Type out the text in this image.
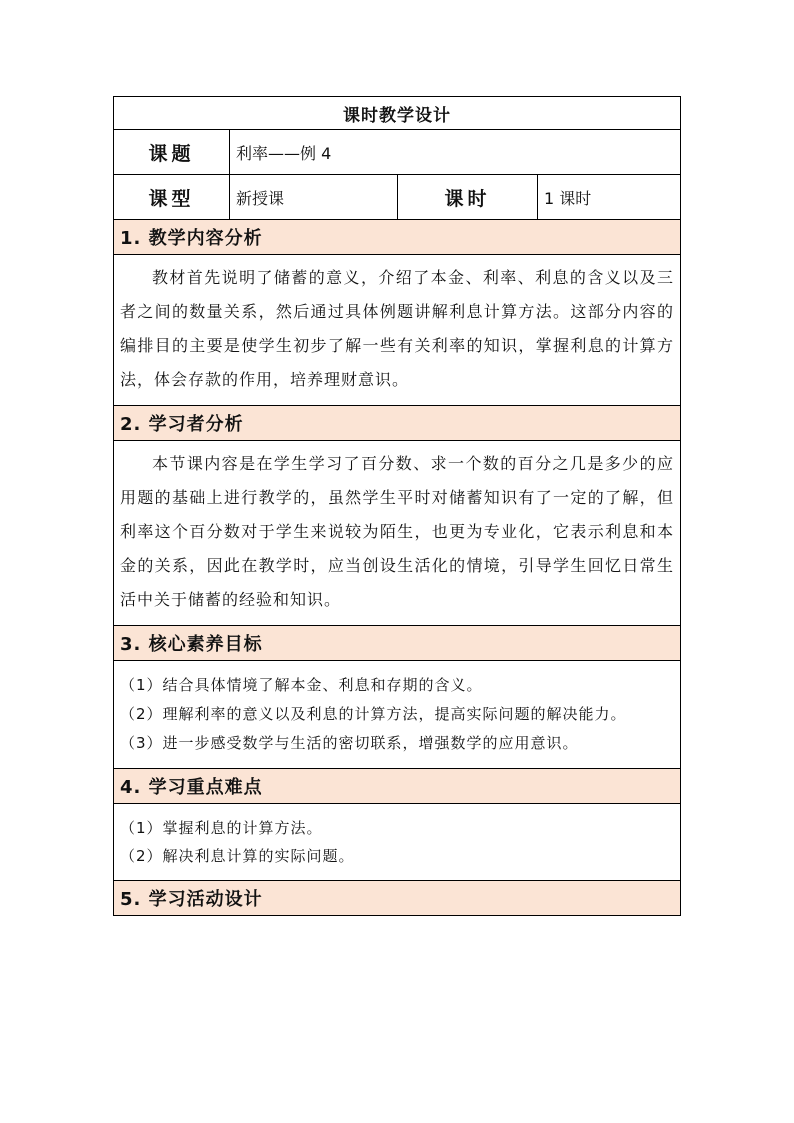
课时教学设计			
课题	利率——例 4		
课型	新授课	课时	1 课时
1. 教学内容分析			

教材首先说明了储蓄的意义，介绍了本金、利率、利息的含义以及三者之间的数量关系，然后通过具体例题讲解利息计算方法。这部分内容的编排目的主要是使学生初步了解一些有关利率的知识，掌握利息的计算方法，体会存款的作用，培养理财意识。			

2. 学习者分析			

本节课内容是在学生学习了百分数、求一个数的百分之几是多少的应用题的基础上进行教学的，虽然学生平时对储蓄知识有了一定的了解，但利率这个百分数对于学生来说较为陌生，也更为专业化，它表示利息和本金的关系，因此在教学时，应当创设生活化的情境，引导学生回忆日常生活中关于储蓄的经验和知识。			

3. 核心素养目标			

（1）结合具体情境了解本金、利息和存期的含义。

（2）理解利率的意义以及利息的计算方法，提高实际问题的解决能力。

（3）进一步感受数学与生活的密切联系，增强数学的应用意识。			

4. 学习重点难点			

（1）掌握利息的计算方法。

（2）解决利息计算的实际问题。			

5. 学习活动设计			
